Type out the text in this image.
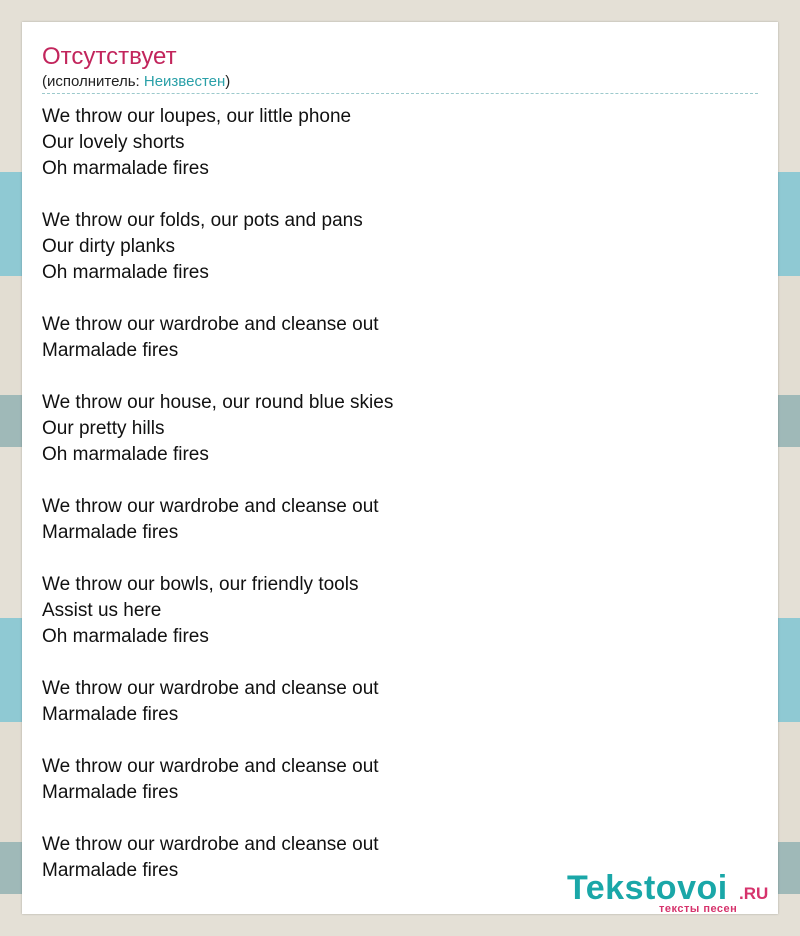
Отсутствует
(исполнитель: Неизвестен)
We throw our loupes, our little phone
Our lovely shorts
Oh marmalade fires
We throw our folds, our pots and pans
Our dirty planks
Oh marmalade fires
We throw our wardrobe and cleanse out
Marmalade fires
We throw our house, our round blue skies
Our pretty hills
Oh marmalade fires
We throw our wardrobe and cleanse out
Marmalade fires
We throw our bowls, our friendly tools
Assist us here
Oh marmalade fires
We throw our wardrobe and cleanse out
Marmalade fires
We throw our wardrobe and cleanse out
Marmalade fires
We throw our wardrobe and cleanse out
Marmalade fires	Tekstovoi .RU
тексты песен
